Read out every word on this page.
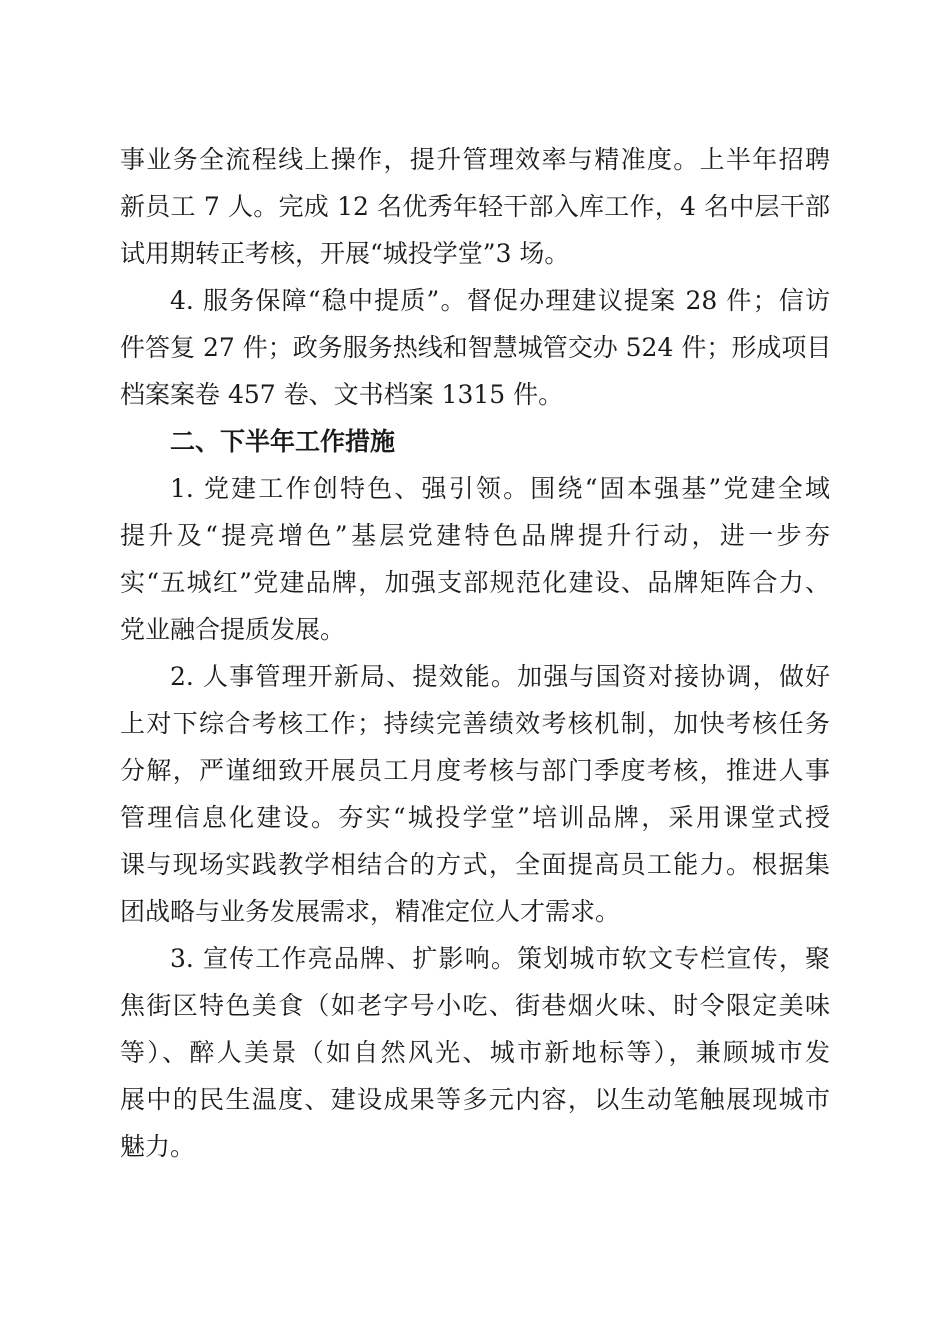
事业务全流程线上操作，提升管理效率与精准度。上半年招聘
新员工 7 人。完成 12 名优秀年轻干部入库工作，4 名中层干部
试用期转正考核，开展“城投学堂”3 场。
4. 服务保障“稳中提质”。督促办理建议提案 28 件；信访
件答复 27 件；政务服务热线和智慧城管交办 524 件；形成项目
档案案卷 457 卷、文书档案 1315 件。
二、下半年工作措施
1. 党建工作创特色、强引领。围绕“固本强基”党建全域
提升及“提亮增色”基层党建特色品牌提升行动，进一步夯
实“五城红”党建品牌，加强支部规范化建设、品牌矩阵合力、
党业融合提质发展。
2. 人事管理开新局、提效能。加强与国资对接协调，做好
上对下综合考核工作；持续完善绩效考核机制，加快考核任务
分解，严谨细致开展员工月度考核与部门季度考核，推进人事
管理信息化建设。夯实“城投学堂”培训品牌，采用课堂式授
课与现场实践教学相结合的方式，全面提高员工能力。根据集
团战略与业务发展需求，精准定位人才需求。
3. 宣传工作亮品牌、扩影响。策划城市软文专栏宣传，聚
焦街区特色美食（如老字号小吃、街巷烟火味、时令限定美味
等）、醉人美景（如自然风光、城市新地标等），兼顾城市发
展中的民生温度、建设成果等多元内容，以生动笔触展现城市
魅力。
